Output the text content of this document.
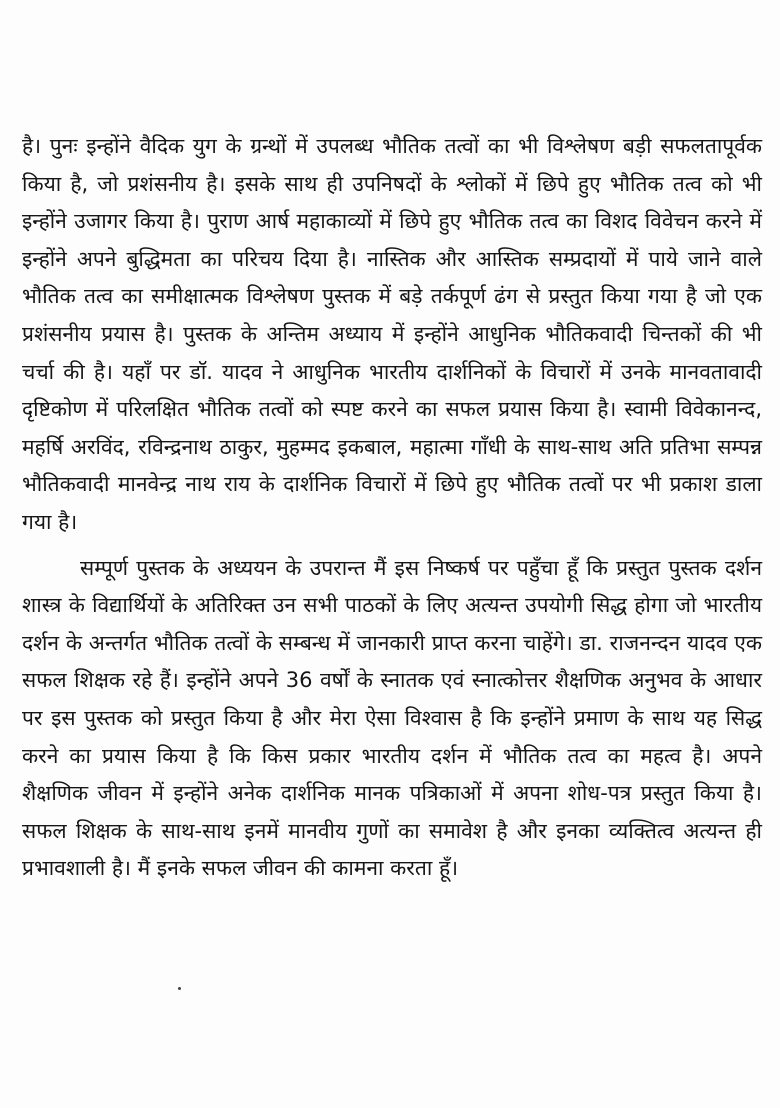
है। पुनः इन्होंने वैदिक युग के ग्रन्थों में उपलब्ध भौतिक तत्वों का भी विश्लेषण बड़ी सफलतापूर्वक किया है, जो प्रशंसनीय है। इसके साथ ही उपनिषदों के श्लोकों में छिपे हुए भौतिक तत्व को भी इन्होंने उजागर किया है। पुराण आर्ष महाकाव्यों में छिपे हुए भौतिक तत्व का विशद विवेचन करने में इन्होंने अपने बुद्धिमता का परिचय दिया है। नास्तिक और आस्तिक सम्प्रदायों में पाये जाने वाले भौतिक तत्व का समीक्षात्मक विश्लेषण पुस्तक में बड़े तर्कपूर्ण ढंग से प्रस्तुत किया गया है जो एक प्रशंसनीय प्रयास है। पुस्तक के अन्तिम अध्याय में इन्होंने आधुनिक भौतिकवादी चिन्तकों की भी चर्चा की है। यहाँ पर डॉ. यादव ने आधुनिक भारतीय दार्शनिकों के विचारों में उनके मानवतावादी दृष्टिकोण में परिलक्षित भौतिक तत्वों को स्पष्ट करने का सफल प्रयास किया है। स्वामी विवेकानन्द, महर्षि अरविंद, रविन्द्रनाथ ठाकुर, मुहम्मद इकबाल, महात्मा गाँधी के साथ-साथ अति प्रतिभा सम्पन्न भौतिकवादी मानवेन्द्र नाथ राय के दार्शनिक विचारों में छिपे हुए भौतिक तत्वों पर भी प्रकाश डाला गया है।

सम्पूर्ण पुस्तक के अध्ययन के उपरान्त मैं इस निष्कर्ष पर पहुँचा हूँ कि प्रस्तुत पुस्तक दर्शन शास्त्र के विद्यार्थियों के अतिरिक्त उन सभी पाठकों के लिए अत्यन्त उपयोगी सिद्ध होगा जो भारतीय दर्शन के अन्तर्गत भौतिक तत्वों के सम्बन्ध में जानकारी प्राप्त करना चाहेंगे। डा. राजनन्दन यादव एक सफल शिक्षक रहे हैं। इन्होंने अपने 36 वर्षों के स्नातक एवं स्नात्कोत्तर शैक्षणिक अनुभव के आधार पर इस पुस्तक को प्रस्तुत किया है और मेरा ऐसा विश्वास है कि इन्होंने प्रमाण के साथ यह सिद्ध करने का प्रयास किया है कि किस प्रकार भारतीय दर्शन में भौतिक तत्व का महत्व है। अपने शैक्षणिक जीवन में इन्होंने अनेक दार्शनिक मानक पत्रिकाओं में अपना शोध-पत्र प्रस्तुत किया है। सफल शिक्षक के साथ-साथ इनमें मानवीय गुणों का समावेश है और इनका व्यक्तित्व अत्यन्त ही प्रभावशाली है। मैं इनके सफल जीवन की कामना करता हूँ।
